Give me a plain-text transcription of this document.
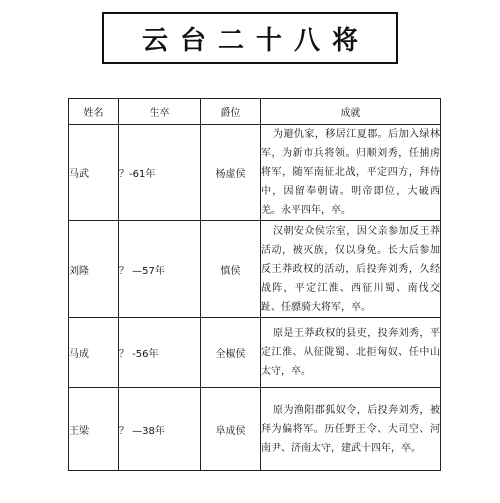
云台二十八将
姓名	生卒	爵位	成就
马武	？-61年	杨虚侯	为避仇家，移居江夏郡。后加入绿林军，为新市兵将领。归顺刘秀，任捕虏将军，随军南征北战，平定四方，拜侍中，因留奉朝请。明帝即位，大破西羌。永平四年，卒。
刘隆	？ —57年	慎侯	汉朝安众侯宗室，因父亲参加反王莽活动，被灭族，仅以身免。长大后参加反王莽政权的活动，后投奔刘秀，久经战阵，平定江淮、西征川蜀、南伐交趾、任骠骑大将军，卒。
马成	？ -56年	全椒侯	原是王莽政权的县吏，投奔刘秀，平定江淮、从征陇蜀、北拒匈奴、任中山太守，卒。
王梁	？ —38年	阜成侯	原为渔阳郡狐奴令，后投奔刘秀，被拜为偏将军。历任野王令、大司空、河南尹、济南太守，建武十四年，卒。
